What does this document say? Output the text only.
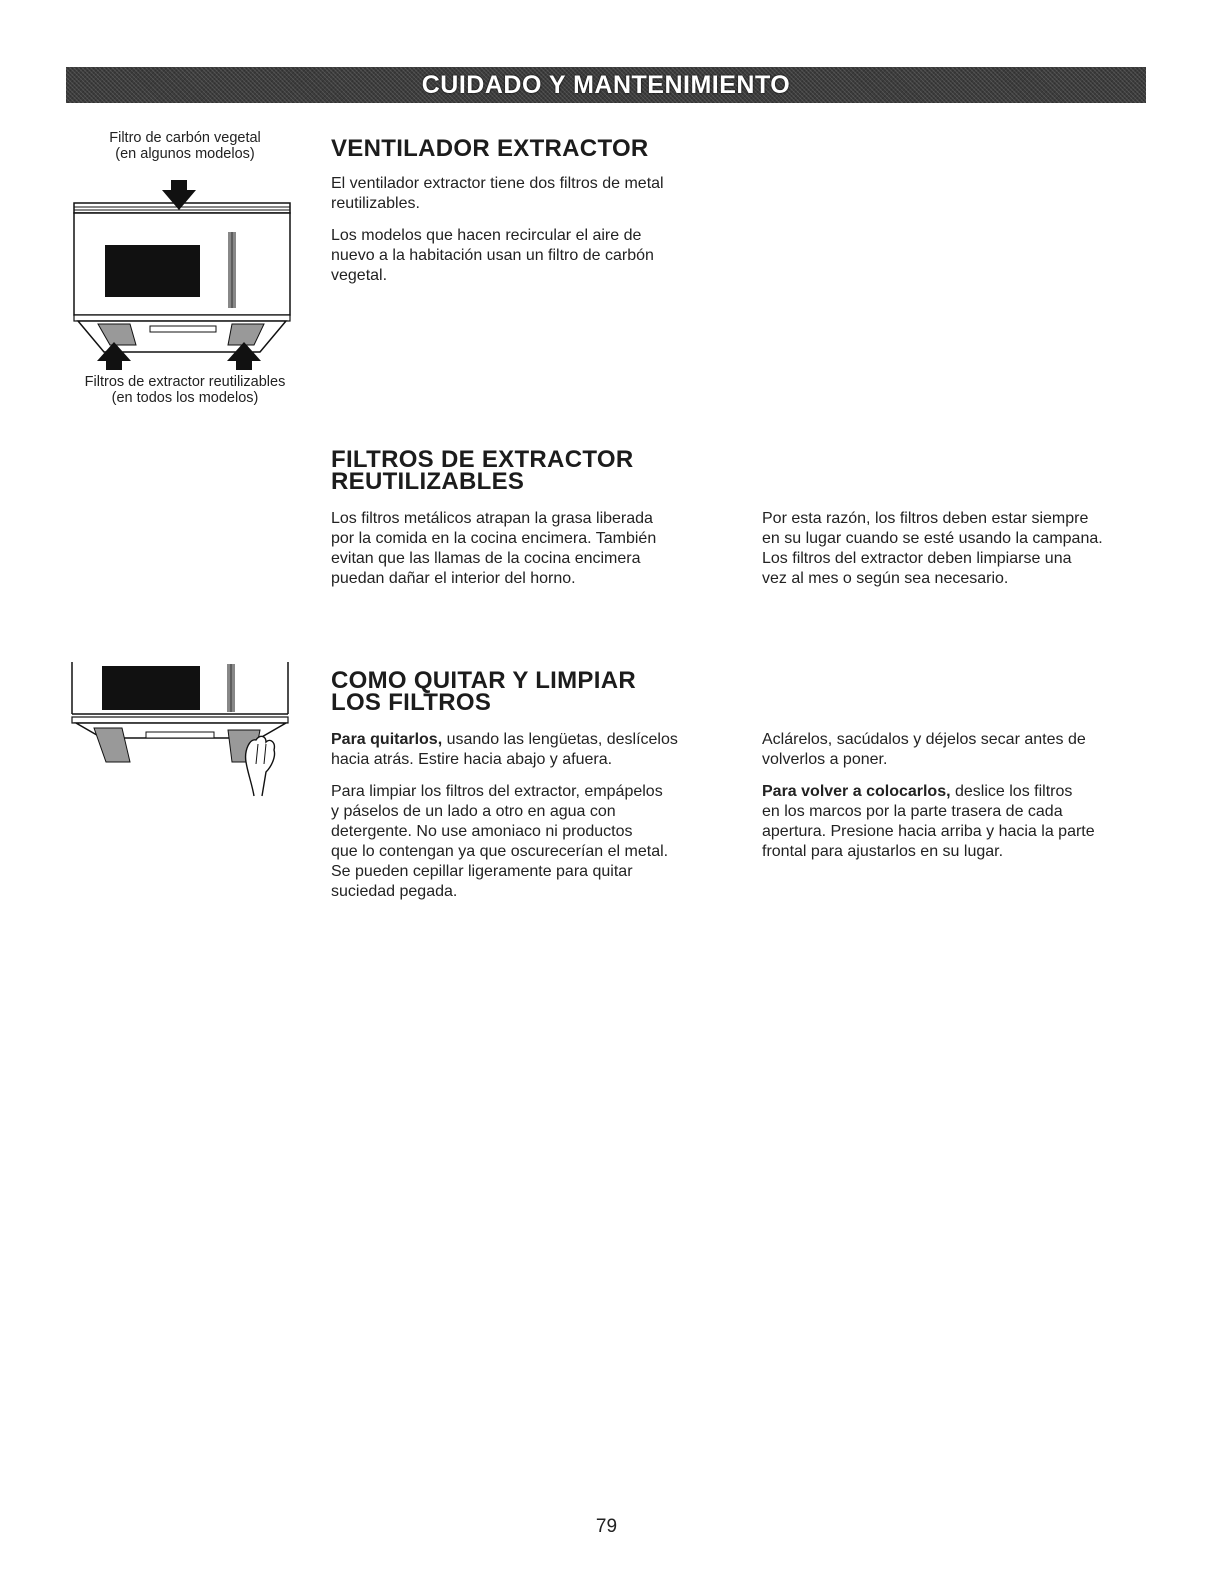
CUIDADO Y MANTENIMIENTO
Filtro de carbón vegetal
(en algunos modelos)
Filtros de extractor reutilizables
(en todos los modelos)
VENTILADOR EXTRACTOR

El ventilador extractor tiene dos filtros de metal
reutilizables.

Los modelos que hacen recircular el aire de
nuevo a la habitación usan un filtro de carbón
vegetal.

FILTROS DE EXTRACTOR
REUTILIZABLES

Los filtros metálicos atrapan la grasa liberada
por la comida en la cocina encimera. También
evitan que las llamas de la cocina encimera
puedan dañar el interior del horno.

Por esta razón, los filtros deben estar siempre
en su lugar cuando se esté usando la campana.
Los filtros del extractor deben limpiarse una
vez al mes o según sea necesario.

COMO QUITAR Y LIMPIAR
LOS FILTROS

Para quitarlos, usando las lengüetas, deslícelos
hacia atrás. Estire hacia abajo y afuera.

Para limpiar los filtros del extractor, empápelos
y páselos de un lado a otro en agua con
detergente. No use amoniaco ni productos
que lo contengan ya que oscurecerían el metal.
Se pueden cepillar ligeramente para quitar
suciedad pegada.

Aclárelos, sacúdalos y déjelos secar antes de
volverlos a poner.

Para volver a colocarlos, deslice los filtros
en los marcos por la parte trasera de cada
apertura. Presione hacia arriba y hacia la parte
frontal para ajustarlos en su lugar.

79
